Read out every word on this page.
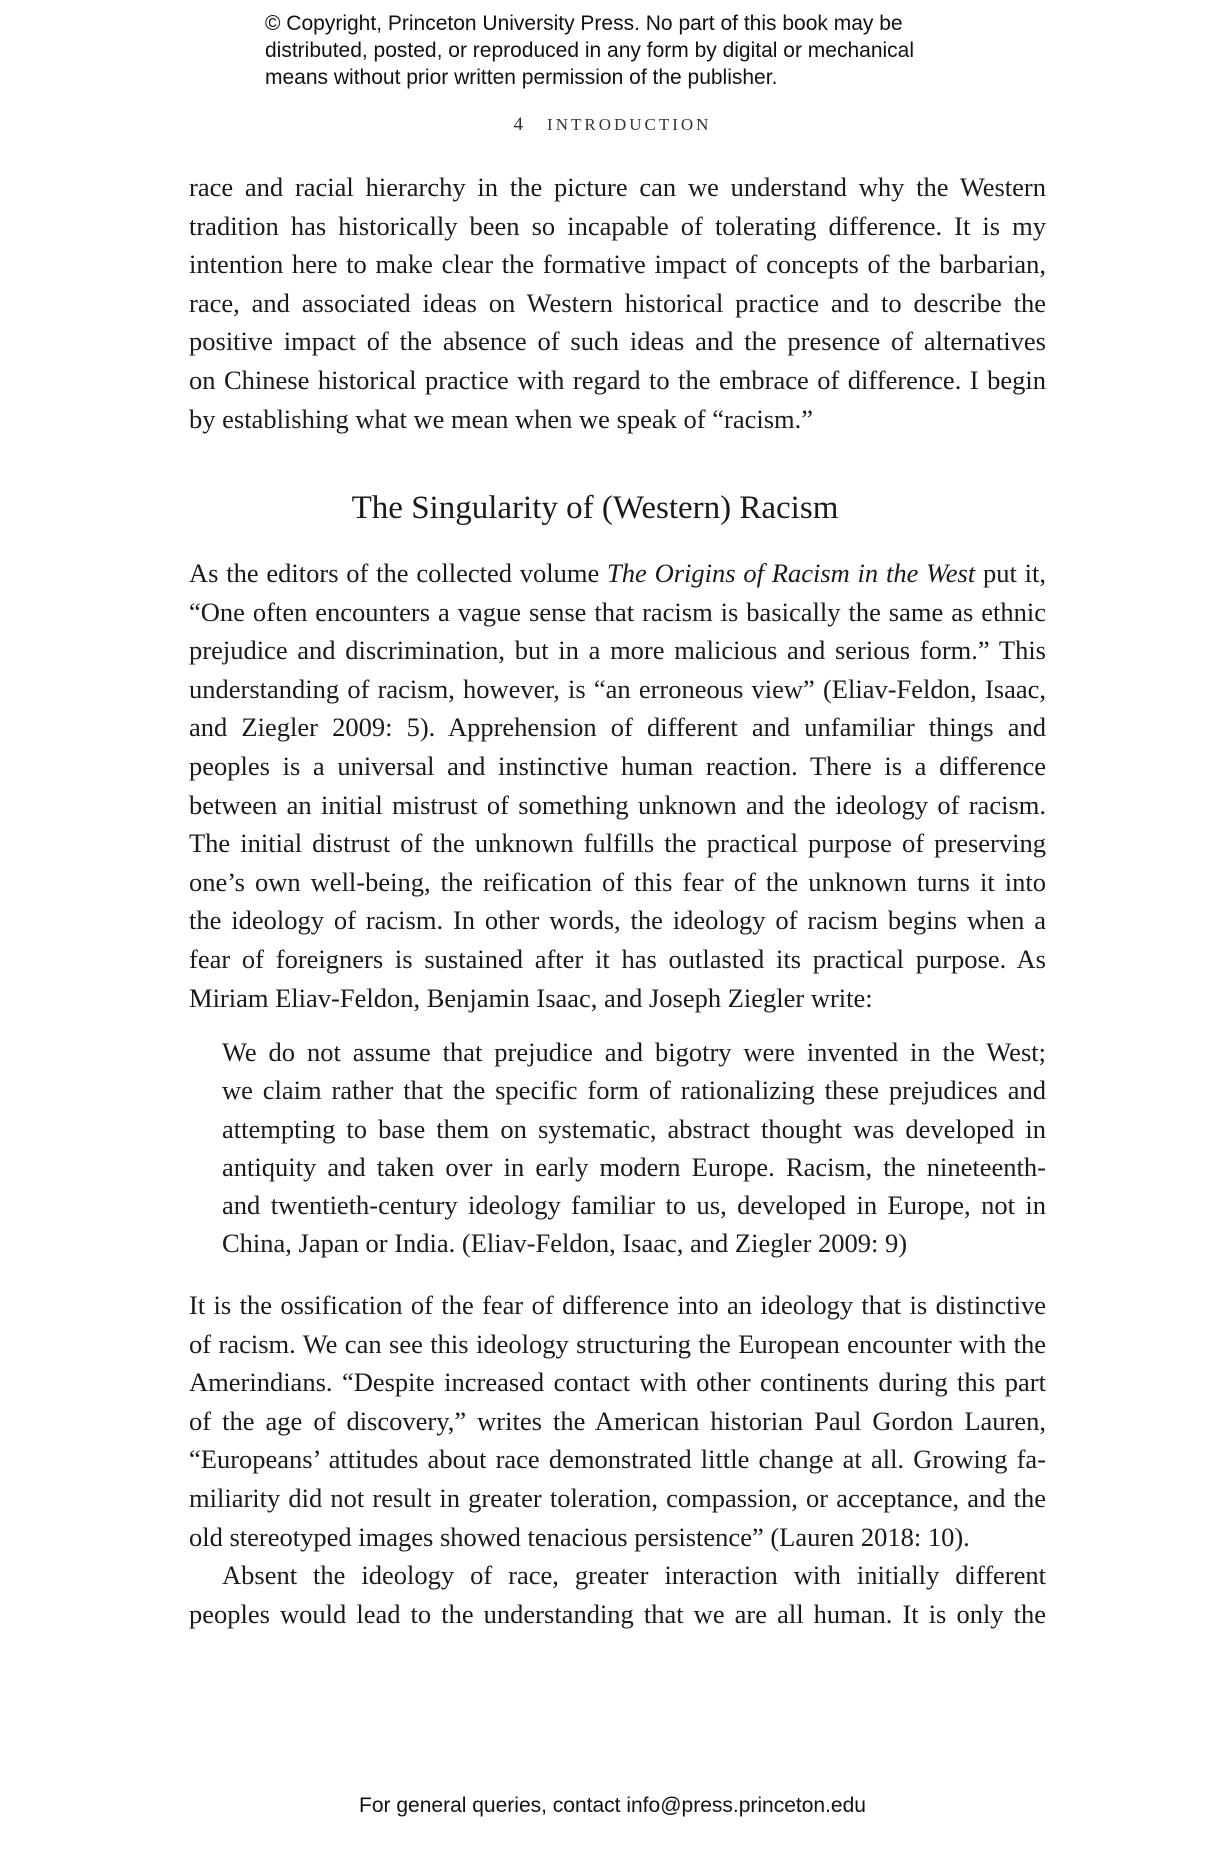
© Copyright, Princeton University Press. No part of this book may be
distributed, posted, or reproduced in any form by digital or mechanical
means without prior written permission of the publisher.
4 INTRODUCTION
race and racial hierarchy in the picture can we understand why the Western
tradition has historically been so incapable of tolerating difference. It is my
intention here to make clear the formative impact of concepts of the barbarian,
race, and associated ideas on Western historical practice and to describe the
positive impact of the absence of such ideas and the presence of alternatives
on Chinese historical practice with regard to the embrace of difference. I begin
by establishing what we mean when we speak of “racism.”
The Singularity of (Western) Racism
As the editors of the collected volume The Origins of Racism in the West put it,
“One often encounters a vague sense that racism is basically the same as ethnic
prejudice and discrimination, but in a more malicious and serious form.” This
understanding of racism, however, is “an erroneous view” (Eliav-Feldon, Isaac,
and Ziegler 2009: 5). Apprehension of different and unfamiliar things and
peoples is a universal and instinctive human reaction. There is a difference
between an initial mistrust of something unknown and the ideology of racism.
The initial distrust of the unknown fulfills the practical purpose of preserving
one’s own well-being, the reification of this fear of the unknown turns it into
the ideology of racism. In other words, the ideology of racism begins when a
fear of foreigners is sustained after it has outlasted its practical purpose. As
Miriam Eliav-Feldon, Benjamin Isaac, and Joseph Ziegler write:
We do not assume that prejudice and bigotry were invented in the West;
we claim rather that the specific form of rationalizing these prejudices and
attempting to base them on systematic, abstract thought was developed in
antiquity and taken over in early modern Europe. Racism, the nineteenth-
and twentieth-century ideology familiar to us, developed in Europe, not in
China, Japan or India. (Eliav-Feldon, Isaac, and Ziegler 2009: 9)
It is the ossification of the fear of difference into an ideology that is distinctive
of racism. We can see this ideology structuring the European encounter with the
Amerindians. “Despite increased contact with other continents during this part
of the age of discovery,” writes the American historian Paul Gordon Lauren,
“Europeans’ attitudes about race demonstrated little change at all. Growing fa-
miliarity did not result in greater toleration, compassion, or acceptance, and the
old stereotyped images showed tenacious persistence” (Lauren 2018: 10).
Absent the ideology of race, greater interaction with initially different
peoples would lead to the understanding that we are all human. It is only the
For general queries, contact info@press.princeton.edu
